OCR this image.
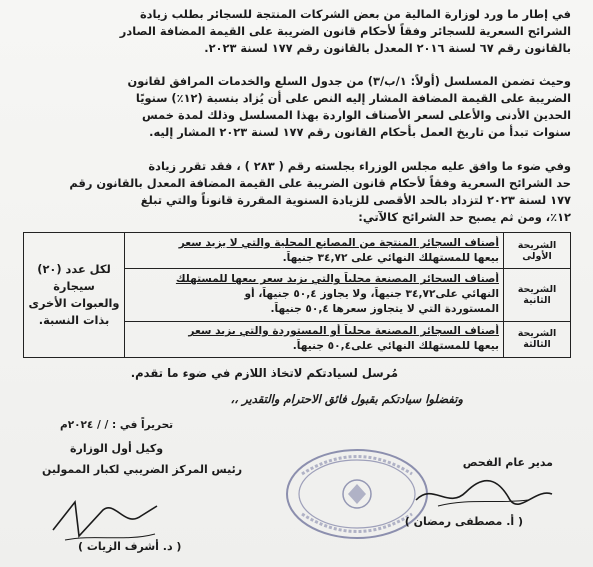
في إطار ما ورد لوزارة المالية من بعض الشركات المنتجة للسجائر بطلب زيادة
الشرائح السعرية للسجائر وفقاً لأحكام قانون الضريبة على القيمة المضافة الصادر
بالقانون رقم ٦٧ لسنة ٢٠١٦ المعدل بالقانون رقم ١٧٧ لسنة ٢٠٢٣.

وحيث تضمن المسلسل (أولاً: ١/ب/٣) من جدول السلع والخدمات المرافق لقانون
الضريبة على القيمة المضافة المشار إليه النص على أن يُزاد بنسبة (١٢٪) سنويًا
الحدين الأدنى والأعلى لسعر الأصناف الواردة بهذا المسلسل وذلك لمدة خمس
سنوات تبدأ من تاريخ العمل بأحكام القانون رقم ١٧٧ لسنة ٢٠٢٣ المشار إليه.

وفي ضوء ما وافق عليه مجلس الوزراء بجلسته رقم ( ٢٨٣ ) ، فقد تقرر زيادة
حد الشرائح السعرية وفقاً لأحكام قانون الضريبة على القيمة المضافة المعدل بالقانون رقم
١٧٧ لسنة ٢٠٢٣ لتزداد بالحد الأقصى للزيادة السنوية المقررة قانوناً والتي تبلغ
١٢٪، ومن ثم يصبح حد الشرائح كالآتي:

الشريحة الأولى	أصناف السجائر المنتجة من المصانع المحلية والتي لا يزيد سعر
بيعها للمستهلك النهائي على ٣٤,٧٢ جنيهاً.	لكل عدد (٢٠) سيجارة والعبوات الأخرى بذات النسبة.
الشريحة الثانية	أصناف السجائر المصنعة محلياً والتي يزيد سعر بيعها للمستهلك
النهائي على٣٤,٧٢ جنيهاً، ولا يجاوز ٥٠,٤ جنيهاً، أو
المستوردة التي لا يتجاوز سعرها ٥٠,٤ جنيهاً.	

الشريحة الثالثة	أصناف السجائر المصنعة محلياً أو المستوردة والتي يزيد سعر
بيعها للمستهلك النهائي على٥٠,٤ جنيهاً.	
مُرسل لسيادتكم لاتخاذ اللازم في ضوء ما تقدم.
وتفضلوا سيادتكم بقبول فائق الاحترام والتقدير ،،
تحريراً في : / / ٢٠٢٤م
مدير عام الفحص
وكيل أول الوزارة
رئيس المركز الضريبي لكبار الممولين
( أ. مصطفى رمضان )
( د. أشرف الزيات )
